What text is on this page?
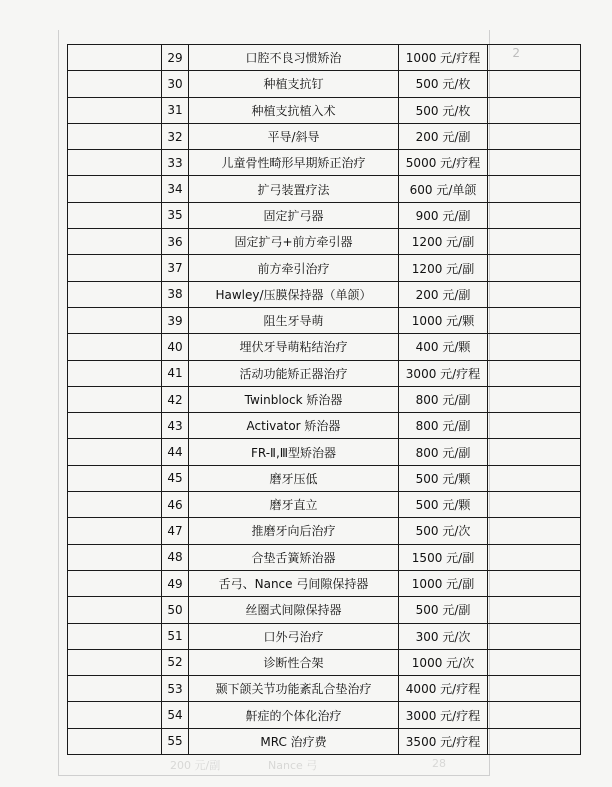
2
	29	口腔不良习惯矫治	1000 元/疗程	
	30	种植支抗钉	500 元/枚	
	31	种植支抗植入术	500 元/枚	
	32	平导/斜导	200 元/副	
	33	儿童骨性畸形早期矫正治疗	5000 元/疗程	
	34	扩弓装置疗法	600 元/单颌	
	35	固定扩弓器	900 元/副	
	36	固定扩弓+前方牵引器	1200 元/副	
	37	前方牵引治疗	1200 元/副	
	38	Hawley/压膜保持器（单颌）	200 元/副	
	39	阻生牙导萌	1000 元/颗	
	40	埋伏牙导萌粘结治疗	400 元/颗	
	41	活动功能矫正器治疗	3000 元/疗程	
	42	Twinblock 矫治器	800 元/副	
	43	Activator 矫治器	800 元/副	
	44	FR-Ⅱ,Ⅲ型矫治器	800 元/副	
	45	磨牙压低	500 元/颗	
	46	磨牙直立	500 元/颗	
	47	推磨牙向后治疗	500 元/次	
	48	合垫舌簧矫治器	1500 元/副	
	49	舌弓、Nance 弓间隙保持器	1000 元/副	
	50	丝圈式间隙保持器	500 元/副	
	51	口外弓治疗	300 元/次	
	52	诊断性合架	1000 元/次	
	53	颞下颌关节功能紊乱合垫治疗	4000 元/疗程	
	54	鼾症的个体化治疗	3000 元/疗程	
	55	MRC 治疗费	3500 元/疗程	
28
Nance 弓
200 元/副
